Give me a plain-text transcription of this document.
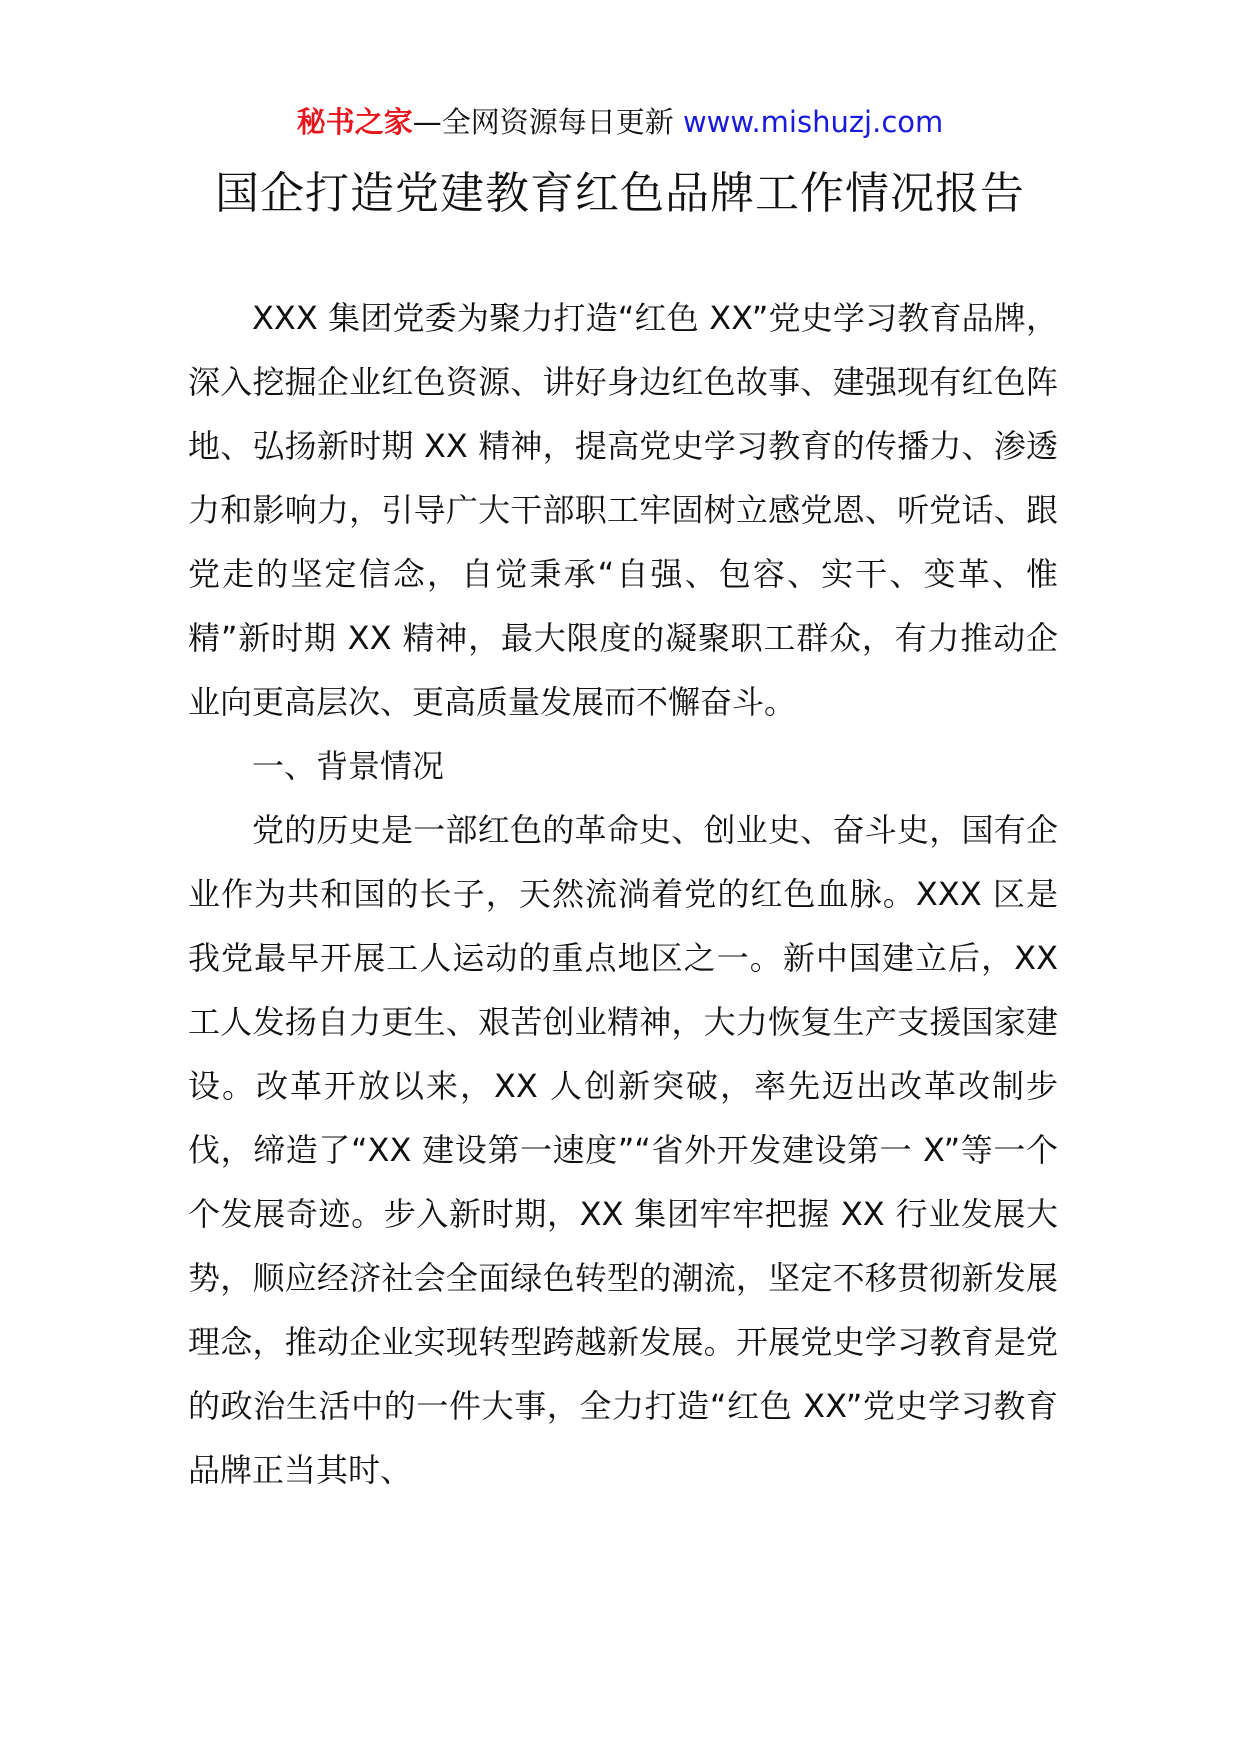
秘书之家—全网资源每日更新 www.mishuzj.com
国企打造党建教育红色品牌工作情况报告

XXX 集团党委为聚力打造“红色 XX”党史学习教育品牌，深入挖掘企业红色资源、讲好身边红色故事、建强现有红色阵地、弘扬新时期 XX 精神，提高党史学习教育的传播力、渗透力和影响力，引导广大干部职工牢固树立感党恩、听党话、跟党走的坚定信念，自觉秉承“自强、包容、实干、变革、惟精”新时期 XX 精神，最大限度的凝聚职工群众，有力推动企业向更高层次、更高质量发展而不懈奋斗。

一、背景情况

党的历史是一部红色的革命史、创业史、奋斗史，国有企业作为共和国的长子，天然流淌着党的红色血脉。XXX 区是我党最早开展工人运动的重点地区之一。新中国建立后，XX 工人发扬自力更生、艰苦创业精神，大力恢复生产支援国家建设。改革开放以来，XX 人创新突破，率先迈出改革改制步伐，缔造了“XX 建设第一速度”“省外开发建设第一 X”等一个个发展奇迹。步入新时期，XX 集团牢牢把握 XX 行业发展大势，顺应经济社会全面绿色转型的潮流，坚定不移贯彻新发展理念，推动企业实现转型跨越新发展。开展党史学习教育是党的政治生活中的一件大事，全力打造“红色 XX”党史学习教育品牌正当其时、
